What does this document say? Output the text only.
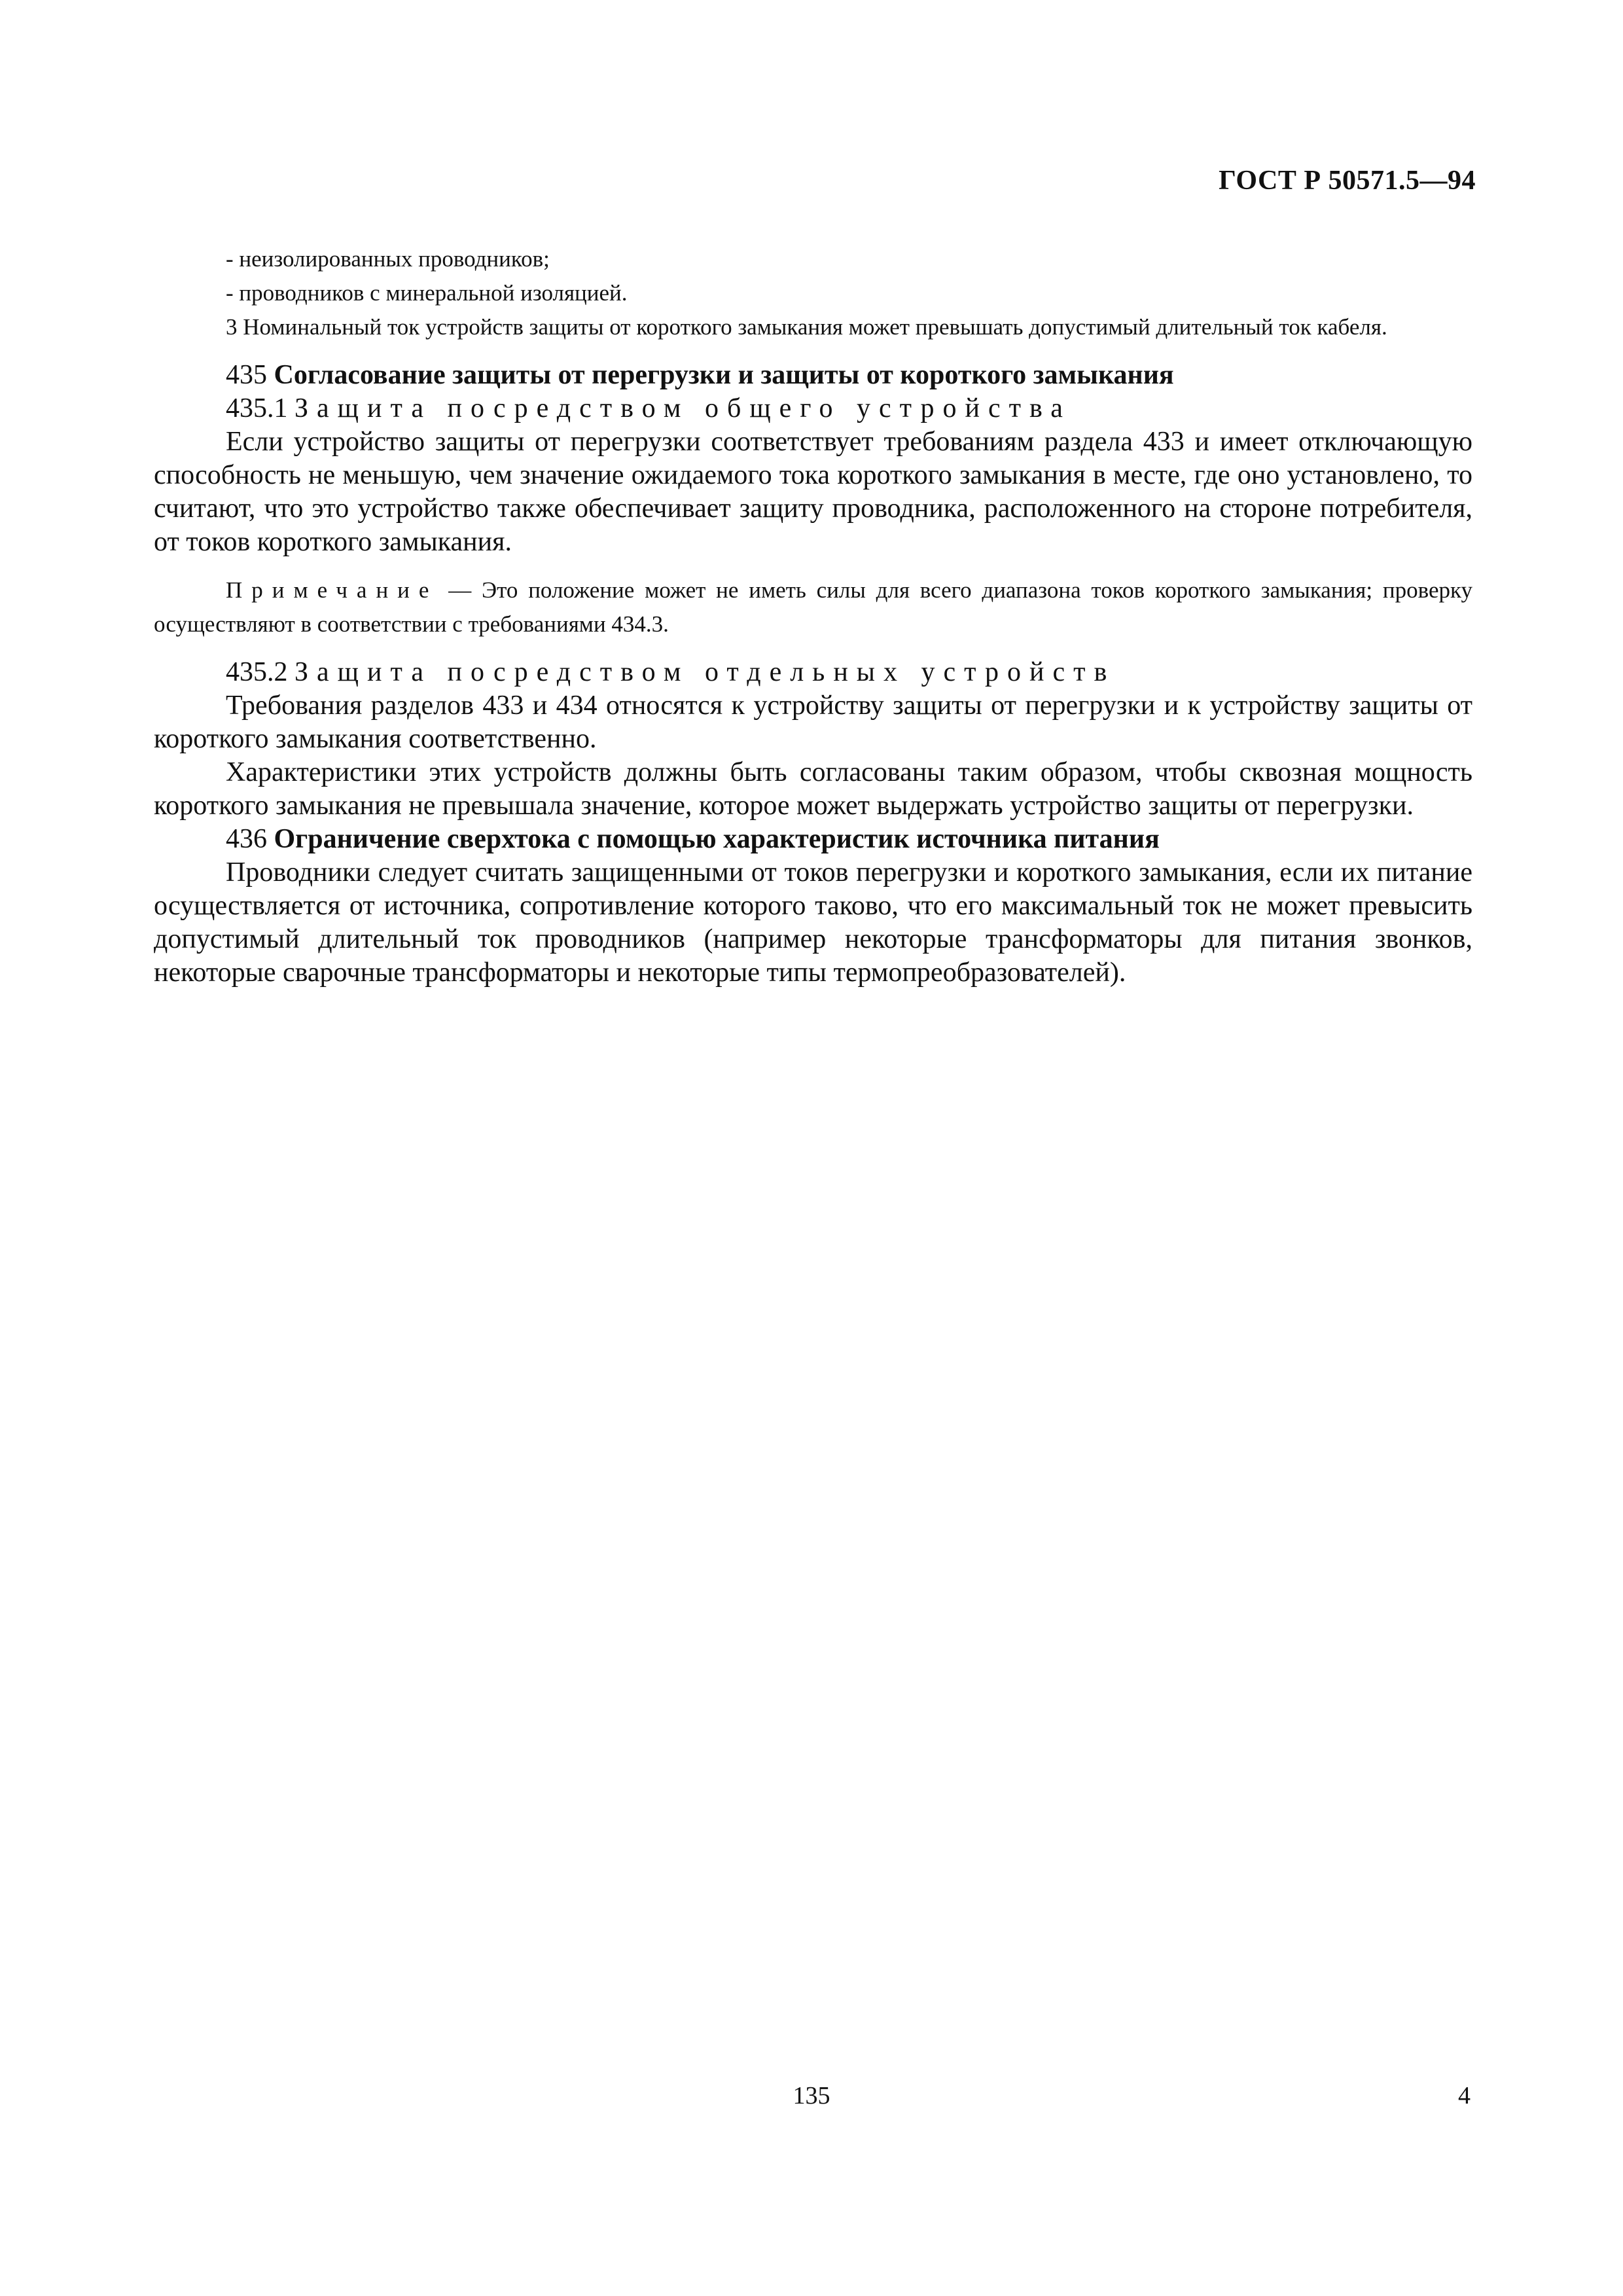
ГОСТ Р 50571.5—94

- неизолированных проводников;

- проводников с минеральной изоляцией.

3 Номинальный ток устройств защиты от короткого замыкания может превышать допустимый длительный ток кабеля.

435 Согласование защиты от перегрузки и защиты от короткого замыкания

435.1 Защита посредством общего устройства

Если устройство защиты от перегрузки соответствует требованиям раздела 433 и имеет отключающую способность не меньшую, чем значение ожидаемого тока короткого замыкания в месте, где оно установлено, то считают, что это устройство также обеспечивает защиту проводника, расположенного на стороне потребителя, от токов короткого замыкания.

Примечание — Это положение может не иметь силы для всего диапазона токов короткого замыкания; проверку осуществляют в соответствии с требованиями 434.3.

435.2 Защита посредством отдельных устройств

Требования разделов 433 и 434 относятся к устройству защиты от перегрузки и к устройству защиты от короткого замыкания соответственно.

Характеристики этих устройств должны быть согласованы таким образом, чтобы сквозная мощность короткого замыкания не превышала значение, которое может выдержать устройство защиты от перегрузки.

436 Ограничение сверхтока с помощью характеристик источника питания

Проводники следует считать защищенными от токов перегрузки и короткого замыкания, если их питание осуществляется от источника, сопротивление которого таково, что его максимальный ток не может превысить допустимый длительный ток проводников (например некоторые трансформаторы для питания звонков, некоторые сварочные трансформаторы и некоторые типы термопреобразователей).

135	4
